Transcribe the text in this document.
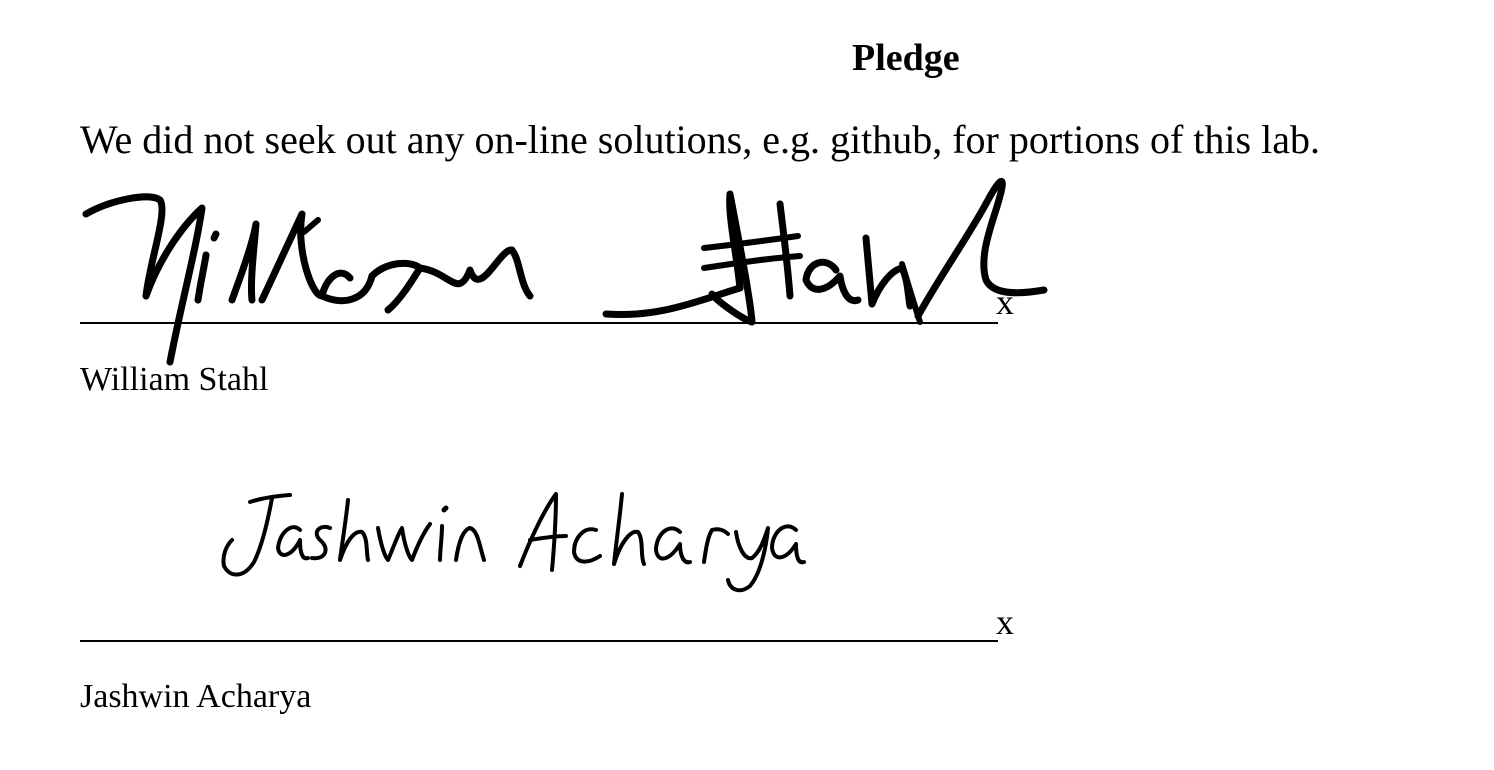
Pledge
We did not seek out any on-line solutions, e.g. github, for portions of this lab.
x
William Stahl
x
Jashwin Acharya
